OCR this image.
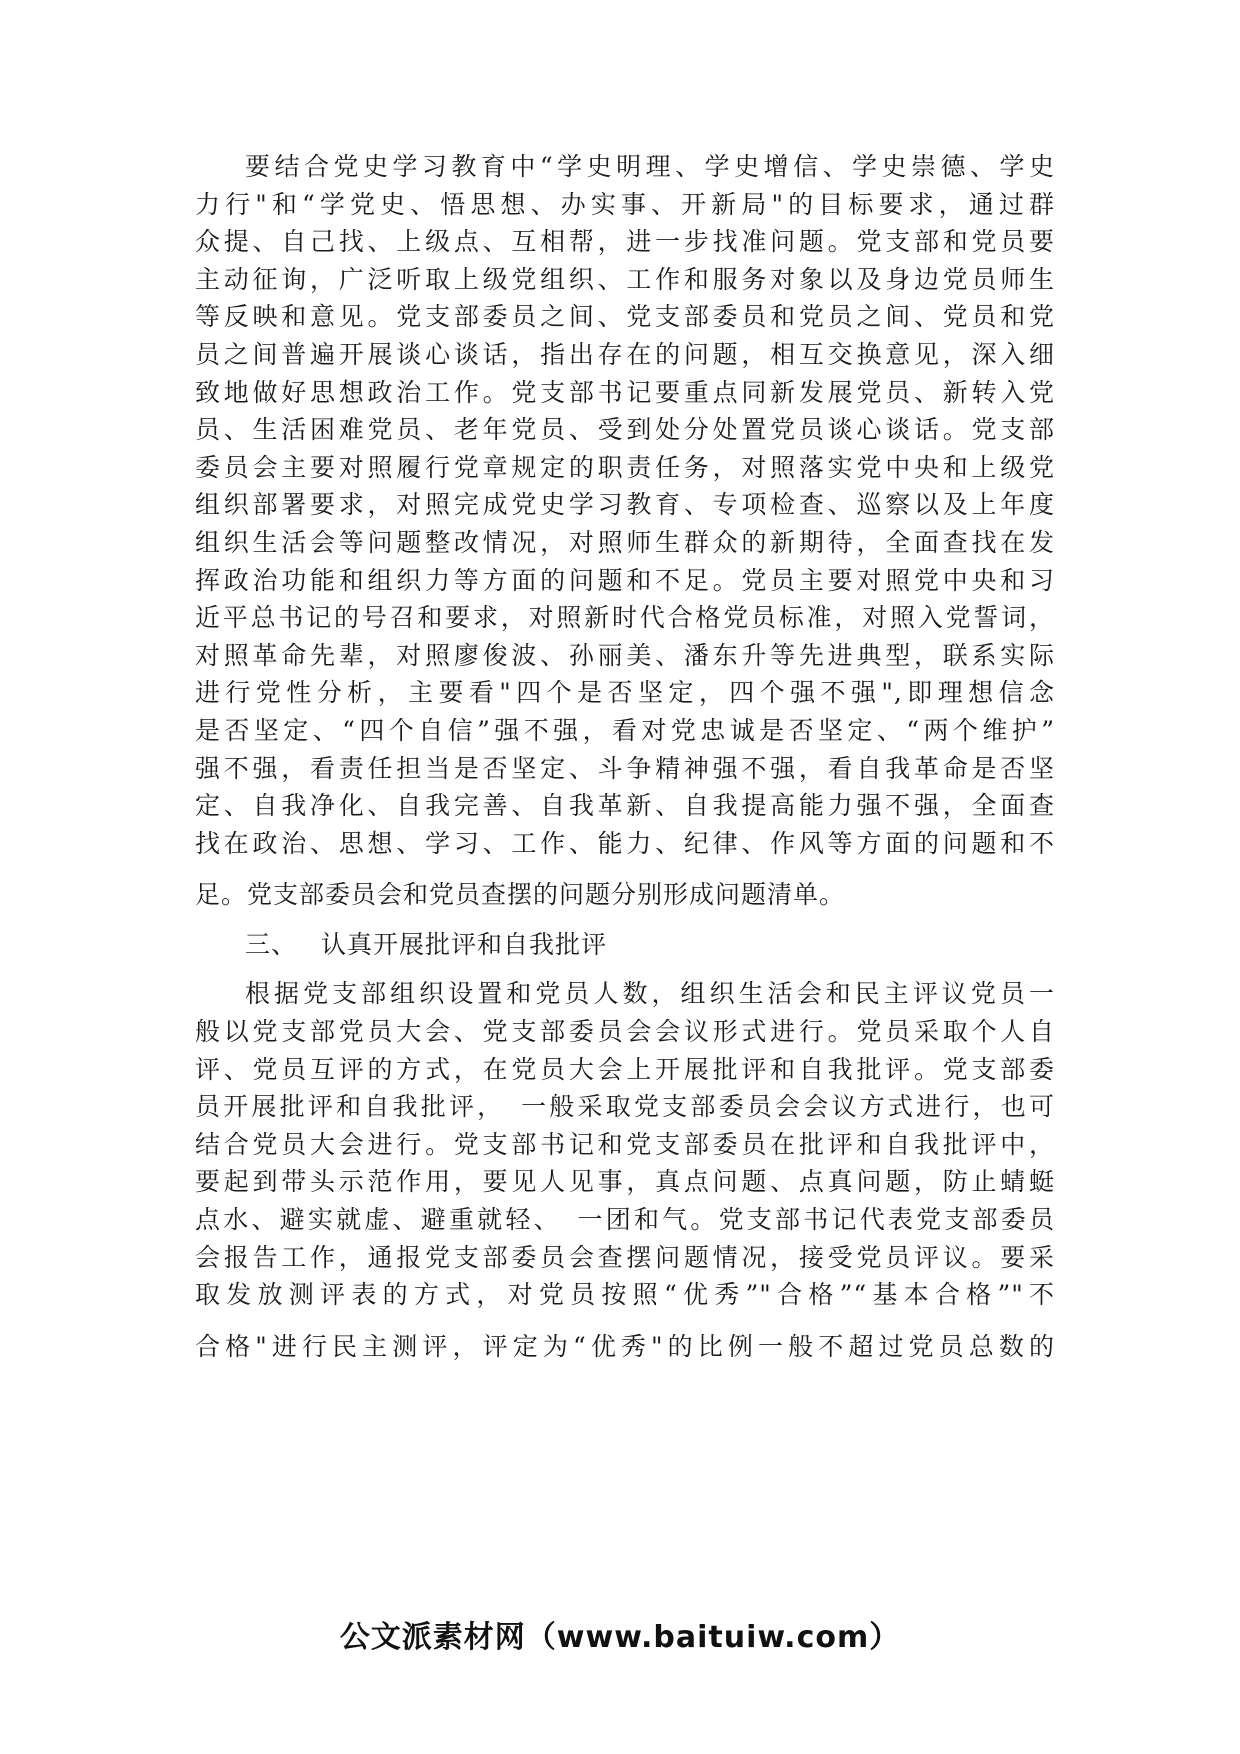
要结合党史学习教育中“学史明理、学史增信、学史崇德、学史
力行"和“学党史、悟思想、办实事、开新局"的目标要求，通过群
众提、自己找、上级点、互相帮，进一步找准问题。党支部和党员要
主动征询，广泛听取上级党组织、工作和服务对象以及身边党员师生
等反映和意见。党支部委员之间、党支部委员和党员之间、党员和党
员之间普遍开展谈心谈话，指出存在的问题，相互交换意见，深入细
致地做好思想政治工作。党支部书记要重点同新发展党员、新转入党
员、生活困难党员、老年党员、受到处分处置党员谈心谈话。党支部
委员会主要对照履行党章规定的职责任务，对照落实党中央和上级党
组织部署要求，对照完成党史学习教育、专项检查、巡察以及上年度
组织生活会等问题整改情况，对照师生群众的新期待，全面查找在发
挥政治功能和组织力等方面的问题和不足。党员主要对照党中央和习
近平总书记的号召和要求，对照新时代合格党员标准，对照入党誓词，
对照革命先辈，对照廖俊波、孙丽美、潘东升等先进典型，联系实际
进行党性分析，主要看"四个是否坚定，四个强不强",即理想信念
是否坚定、“四个自信”强不强，看对党忠诚是否坚定、“两个维护”
强不强，看责任担当是否坚定、斗争精神强不强，看自我革命是否坚
定、自我净化、自我完善、自我革新、自我提高能力强不强，全面查
找在政治、思想、学习、工作、能力、纪律、作风等方面的问题和不
足。党支部委员会和党员查摆的问题分别形成问题清单。
三、 认真开展批评和自我批评
根据党支部组织设置和党员人数，组织生活会和民主评议党员一
般以党支部党员大会、党支部委员会会议形式进行。党员采取个人自
评、党员互评的方式，在党员大会上开展批评和自我批评。党支部委
员开展批评和自我批评，　一般采取党支部委员会会议方式进行，也可
结合党员大会进行。党支部书记和党支部委员在批评和自我批评中，
要起到带头示范作用，要见人见事，真点问题、点真问题，防止蜻蜓
点水、避实就虚、避重就轻、　一团和气。党支部书记代表党支部委员
会报告工作，通报党支部委员会查摆问题情况，接受党员评议。要采
取发放测评表的方式，对党员按照“优秀”"合格”“基本合格”"不
合格"进行民主测评，评定为“优秀"的比例一般不超过党员总数的
公文派素材网（www.baituiw.com）
